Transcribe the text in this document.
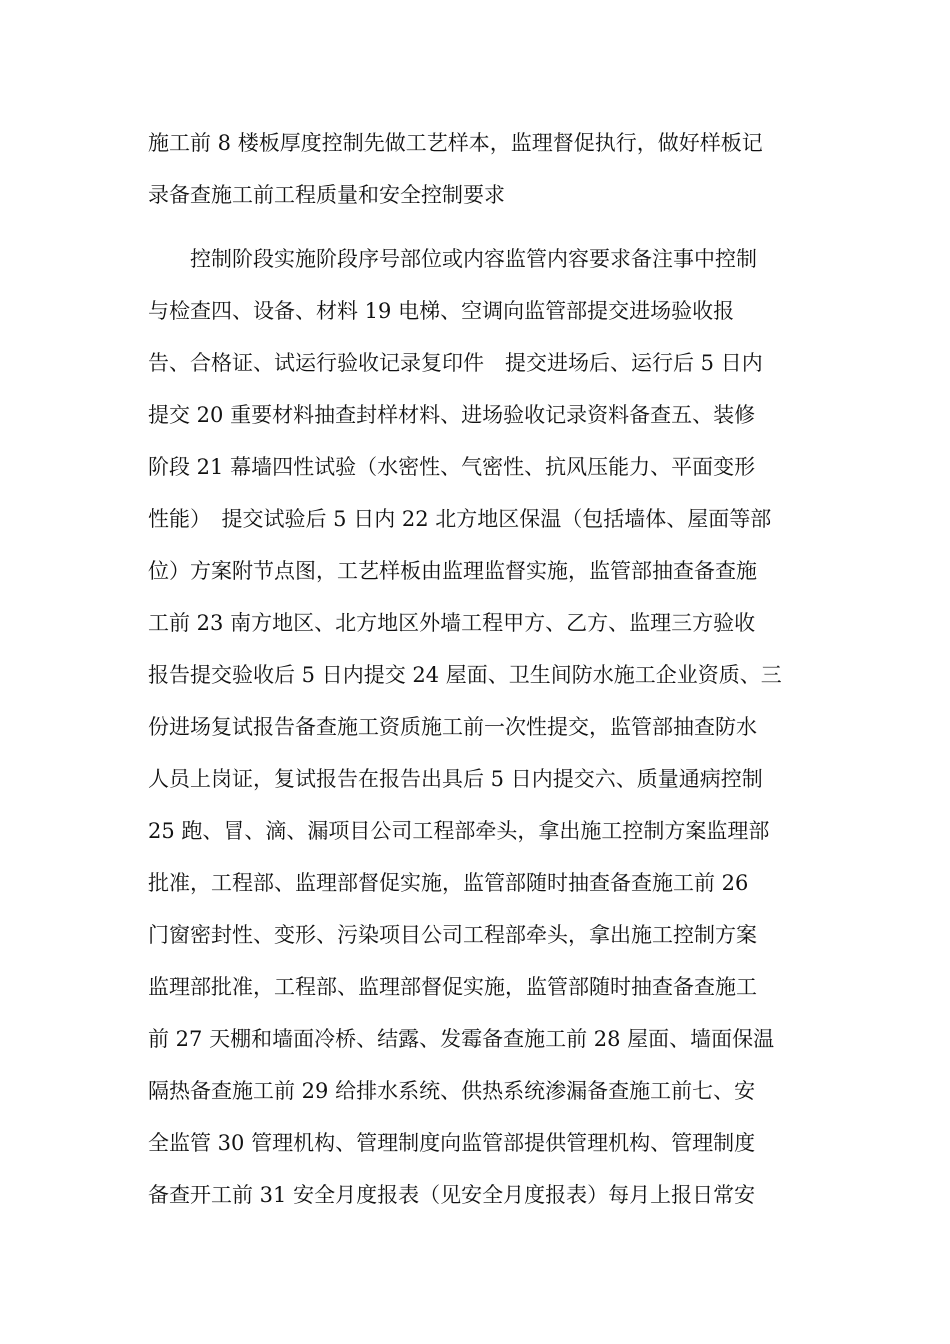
施工前 8 楼板厚度控制先做工艺样本，监理督促执行，做好样板记
录备查施工前工程质量和安全控制要求
　　控制阶段实施阶段序号部位或内容监管内容要求备注事中控制
与检查四、设备、材料 19 电梯、空调向监管部提交进场验收报
告、合格证、试运行验收记录复印件　提交进场后、运行后 5 日内
提交 20 重要材料抽查封样材料、进场验收记录资料备查五、装修
阶段 21 幕墙四性试验（水密性、气密性、抗风压能力、平面变形
性能）　提交试验后 5 日内 22 北方地区保温（包括墙体、屋面等部
位）方案附节点图，工艺样板由监理监督实施，监管部抽查备查施
工前 23 南方地区、北方地区外墙工程甲方、乙方、监理三方验收
报告提交验收后 5 日内提交 24 屋面、卫生间防水施工企业资质、三
份进场复试报告备查施工资质施工前一次性提交，监管部抽查防水
人员上岗证，复试报告在报告出具后 5 日内提交六、质量通病控制
25 跑、冒、滴、漏项目公司工程部牵头，拿出施工控制方案监理部
批准，工程部、监理部督促实施，监管部随时抽查备查施工前 26
门窗密封性、变形、污染项目公司工程部牵头，拿出施工控制方案
监理部批准，工程部、监理部督促实施，监管部随时抽查备查施工
前 27 天棚和墙面冷桥、结露、发霉备查施工前 28 屋面、墙面保温
隔热备查施工前 29 给排水系统、供热系统渗漏备查施工前七、安
全监管 30 管理机构、管理制度向监管部提供管理机构、管理制度
备查开工前 31 安全月度报表（见安全月度报表）每月上报日常安
